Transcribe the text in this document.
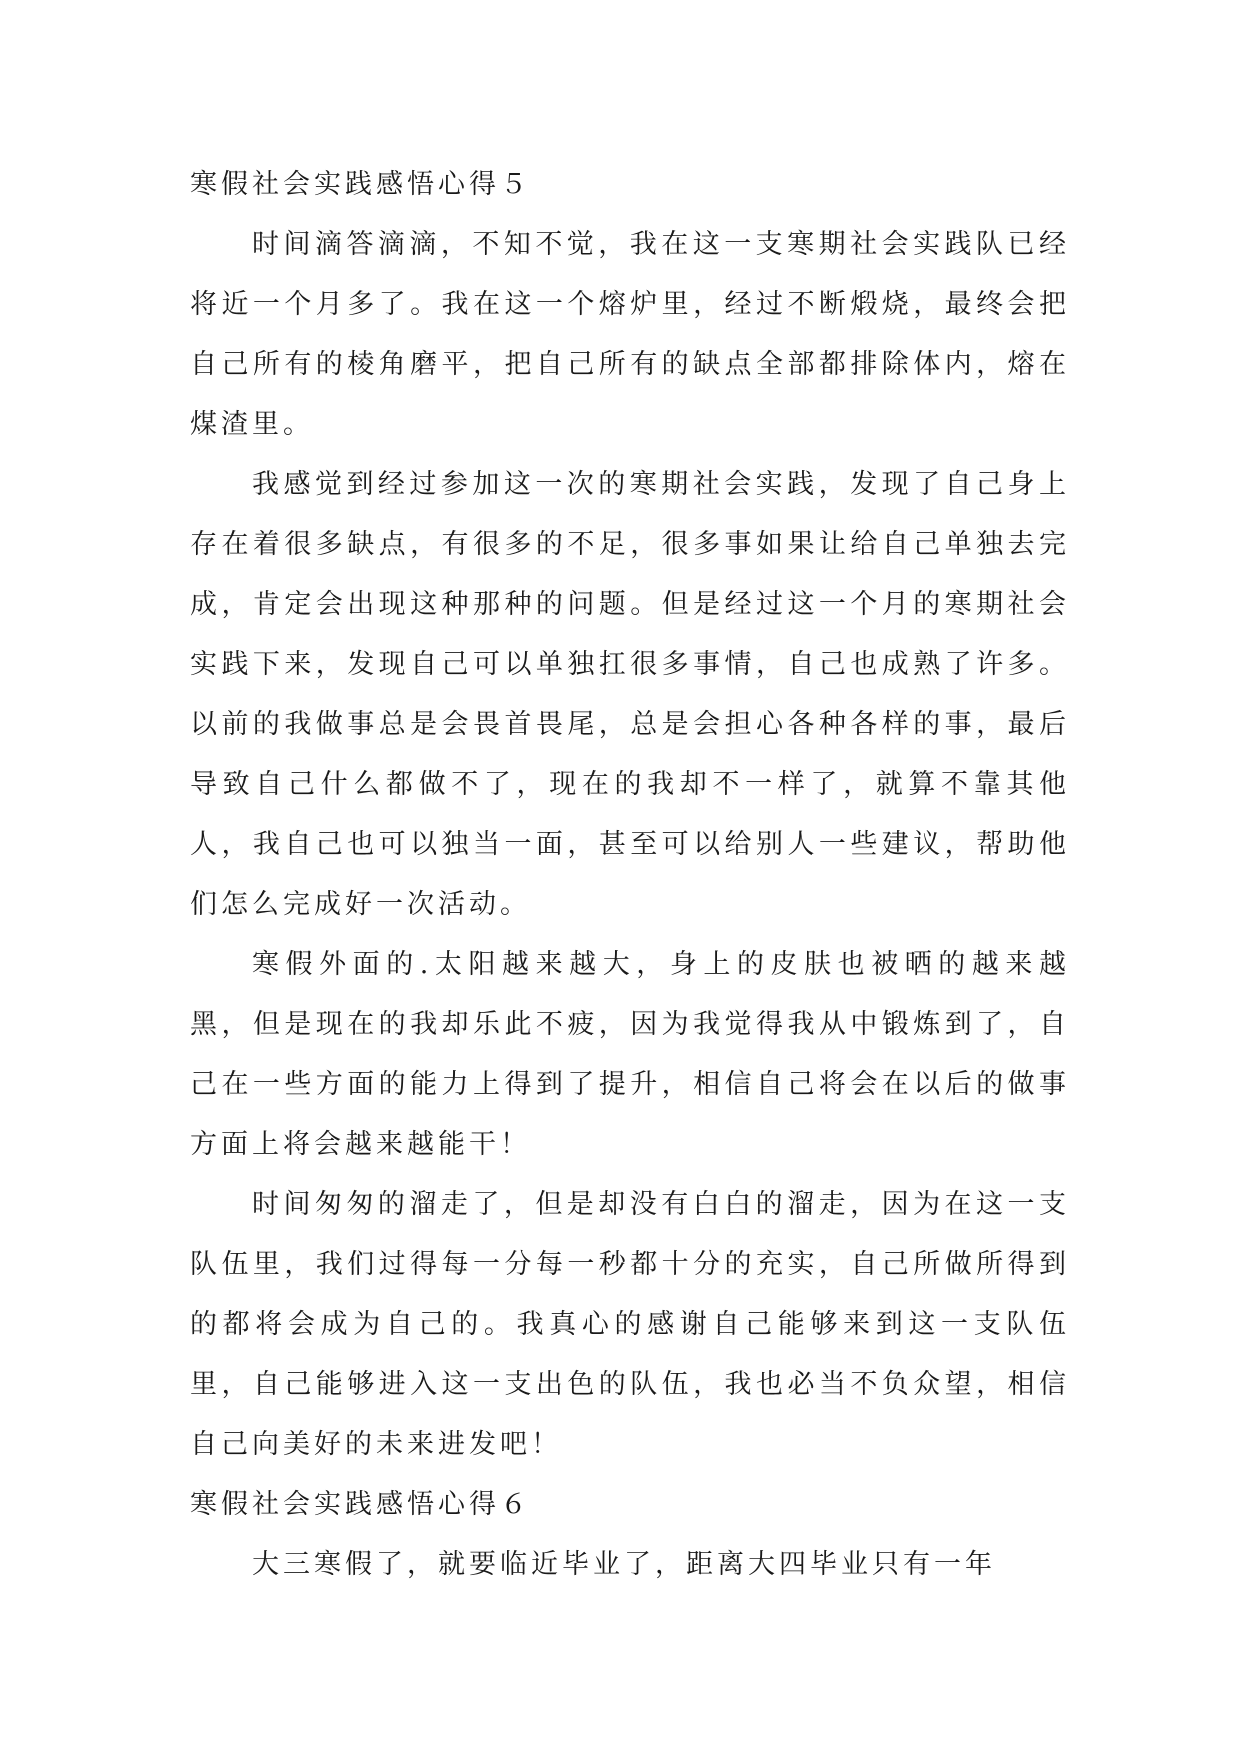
寒假社会实践感悟心得５

时间滴答滴滴，不知不觉，我在这一支寒期社会实践队已经将近一个月多了。我在这一个熔炉里，经过不断煅烧，最终会把自己所有的棱角磨平，把自己所有的缺点全部都排除体内，熔在煤渣里。

我感觉到经过参加这一次的寒期社会实践，发现了自己身上存在着很多缺点，有很多的不足，很多事如果让给自己单独去完成，肯定会出现这种那种的问题。但是经过这一个月的寒期社会实践下来，发现自己可以单独扛很多事情，自己也成熟了许多。以前的我做事总是会畏首畏尾，总是会担心各种各样的事，最后导致自己什么都做不了，现在的我却不一样了，就算不靠其他人，我自己也可以独当一面，甚至可以给别人一些建议，帮助他们怎么完成好一次活动。

寒假外面的.太阳越来越大，身上的皮肤也被晒的越来越黑，但是现在的我却乐此不疲，因为我觉得我从中锻炼到了，自己在一些方面的能力上得到了提升，相信自己将会在以后的做事方面上将会越来越能干！

时间匆匆的溜走了，但是却没有白白的溜走，因为在这一支队伍里，我们过得每一分每一秒都十分的充实，自己所做所得到的都将会成为自己的。我真心的感谢自己能够来到这一支队伍里，自己能够进入这一支出色的队伍，我也必当不负众望，相信自己向美好的未来进发吧！

寒假社会实践感悟心得６

大三寒假了，就要临近毕业了，距离大四毕业只有一年
